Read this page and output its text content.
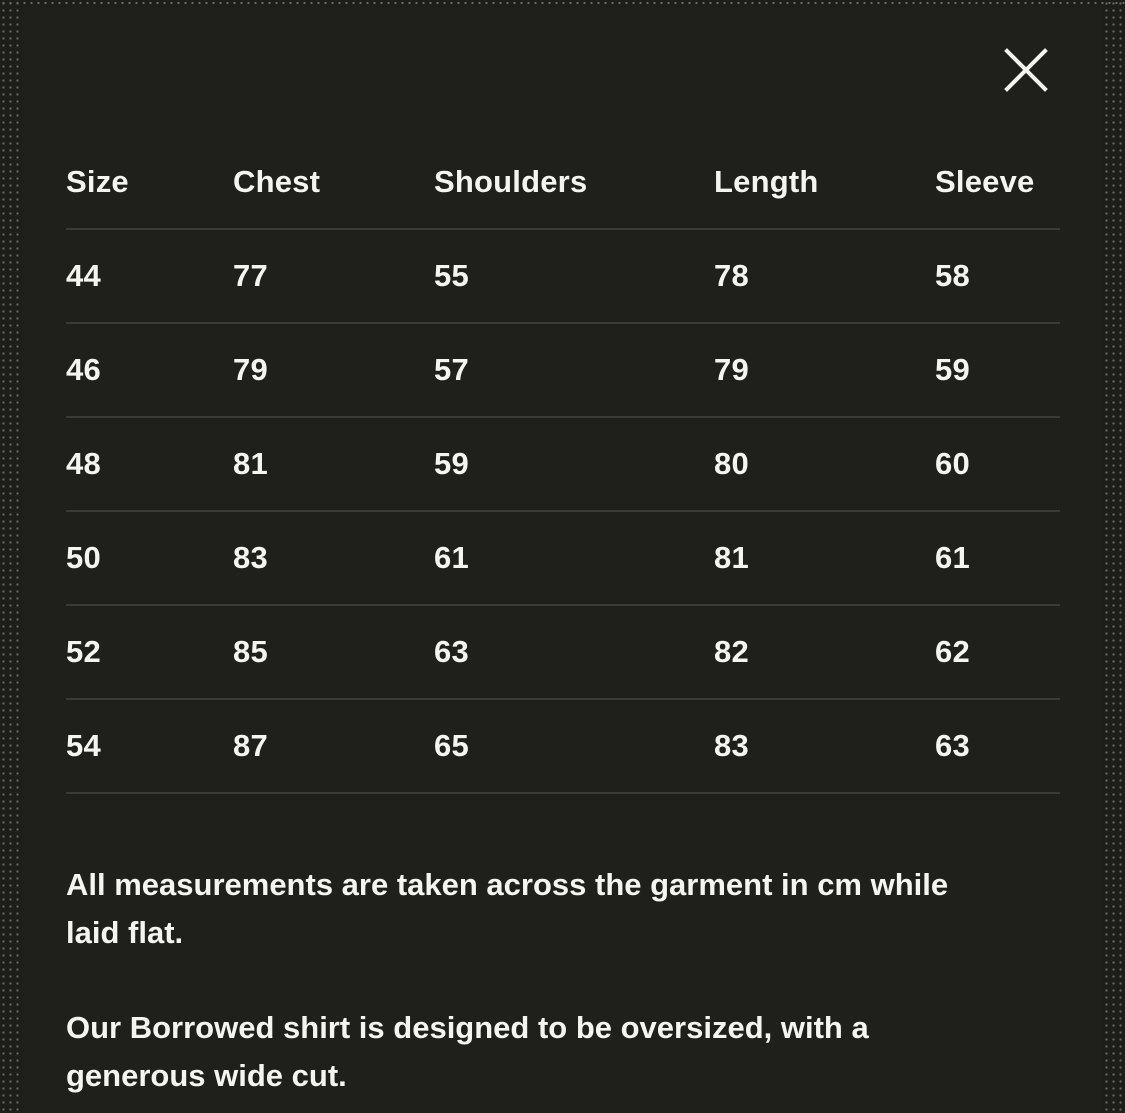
Size	Chest	Shoulders	Length	Sleeve
44	77	55	78	58
46	79	57	79	59
48	81	59	80	60
50	83	61	81	61
52	85	63	82	62
54	87	65	83	63

All measurements are taken across the garment in cm while laid flat.

Our Borrowed shirt is designed to be oversized, with a generous wide cut.
